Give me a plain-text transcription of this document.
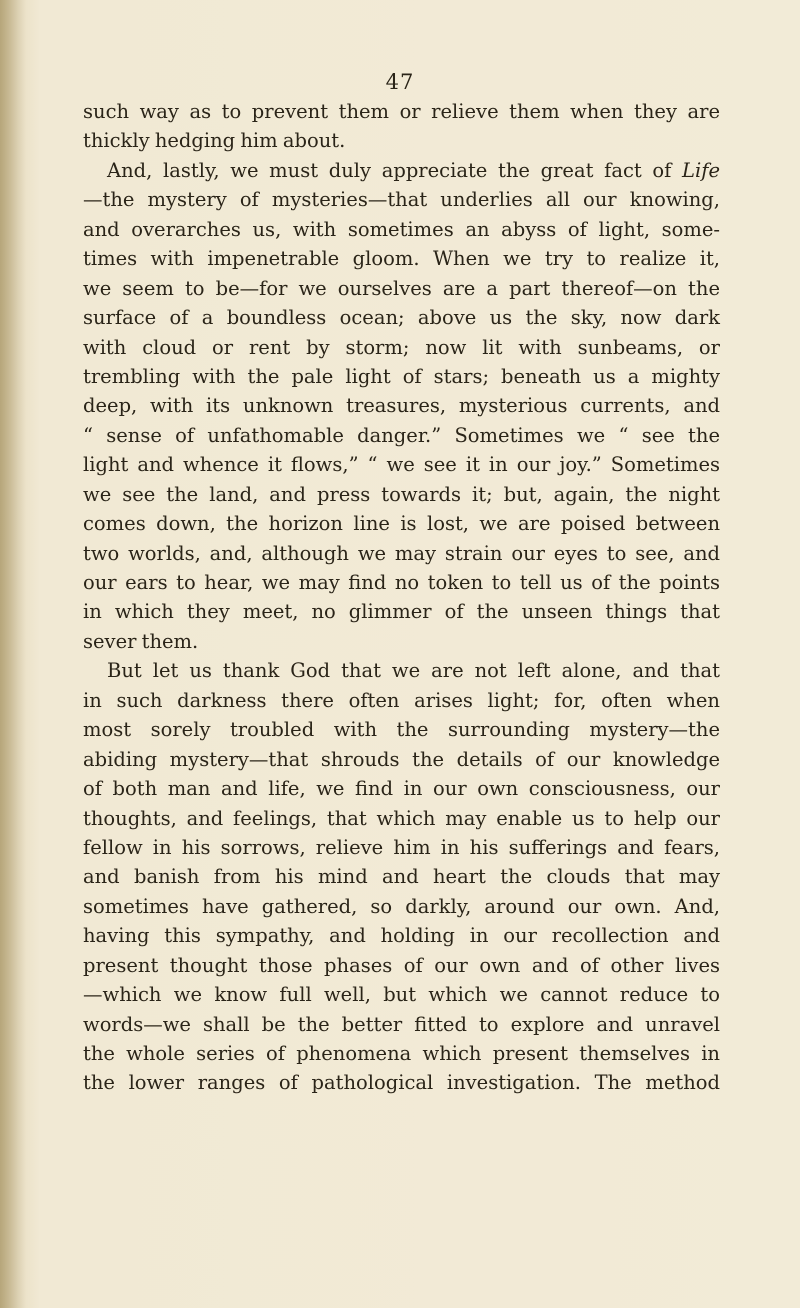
47
such way as to prevent them or relieve them when they are
thickly hedging him about.
And, lastly, we must duly appreciate the great fact of Life
—the mystery of mysteries—that underlies all our knowing,
and overarches us, with sometimes an abyss of light, some-
times with impenetrable gloom. When we try to realize it,
we seem to be—for we ourselves are a part thereof—on the
surface of a boundless ocean; above us the sky, now dark
with cloud or rent by storm; now lit with sunbeams, or
trembling with the pale light of stars; beneath us a mighty
deep, with its unknown treasures, mysterious currents, and
“ sense of unfathomable danger.” Sometimes we “ see the
light and whence it flows,” “ we see it in our joy.” Sometimes
we see the land, and press towards it; but, again, the night
comes down, the horizon line is lost, we are poised between
two worlds, and, although we may strain our eyes to see, and
our ears to hear, we may find no token to tell us of the points
in which they meet, no glimmer of the unseen things that
sever them.
But let us thank God that we are not left alone, and that
in such darkness there often arises light; for, often when
most sorely troubled with the surrounding mystery—the
abiding mystery—that shrouds the details of our knowledge
of both man and life, we find in our own consciousness, our
thoughts, and feelings, that which may enable us to help our
fellow in his sorrows, relieve him in his sufferings and fears,
and banish from his mind and heart the clouds that may
sometimes have gathered, so darkly, around our own. And,
having this sympathy, and holding in our recollection and
present thought those phases of our own and of other lives
—which we know full well, but which we cannot reduce to
words—we shall be the better fitted to explore and unravel
the whole series of phenomena which present themselves in
the lower ranges of pathological investigation. The method
